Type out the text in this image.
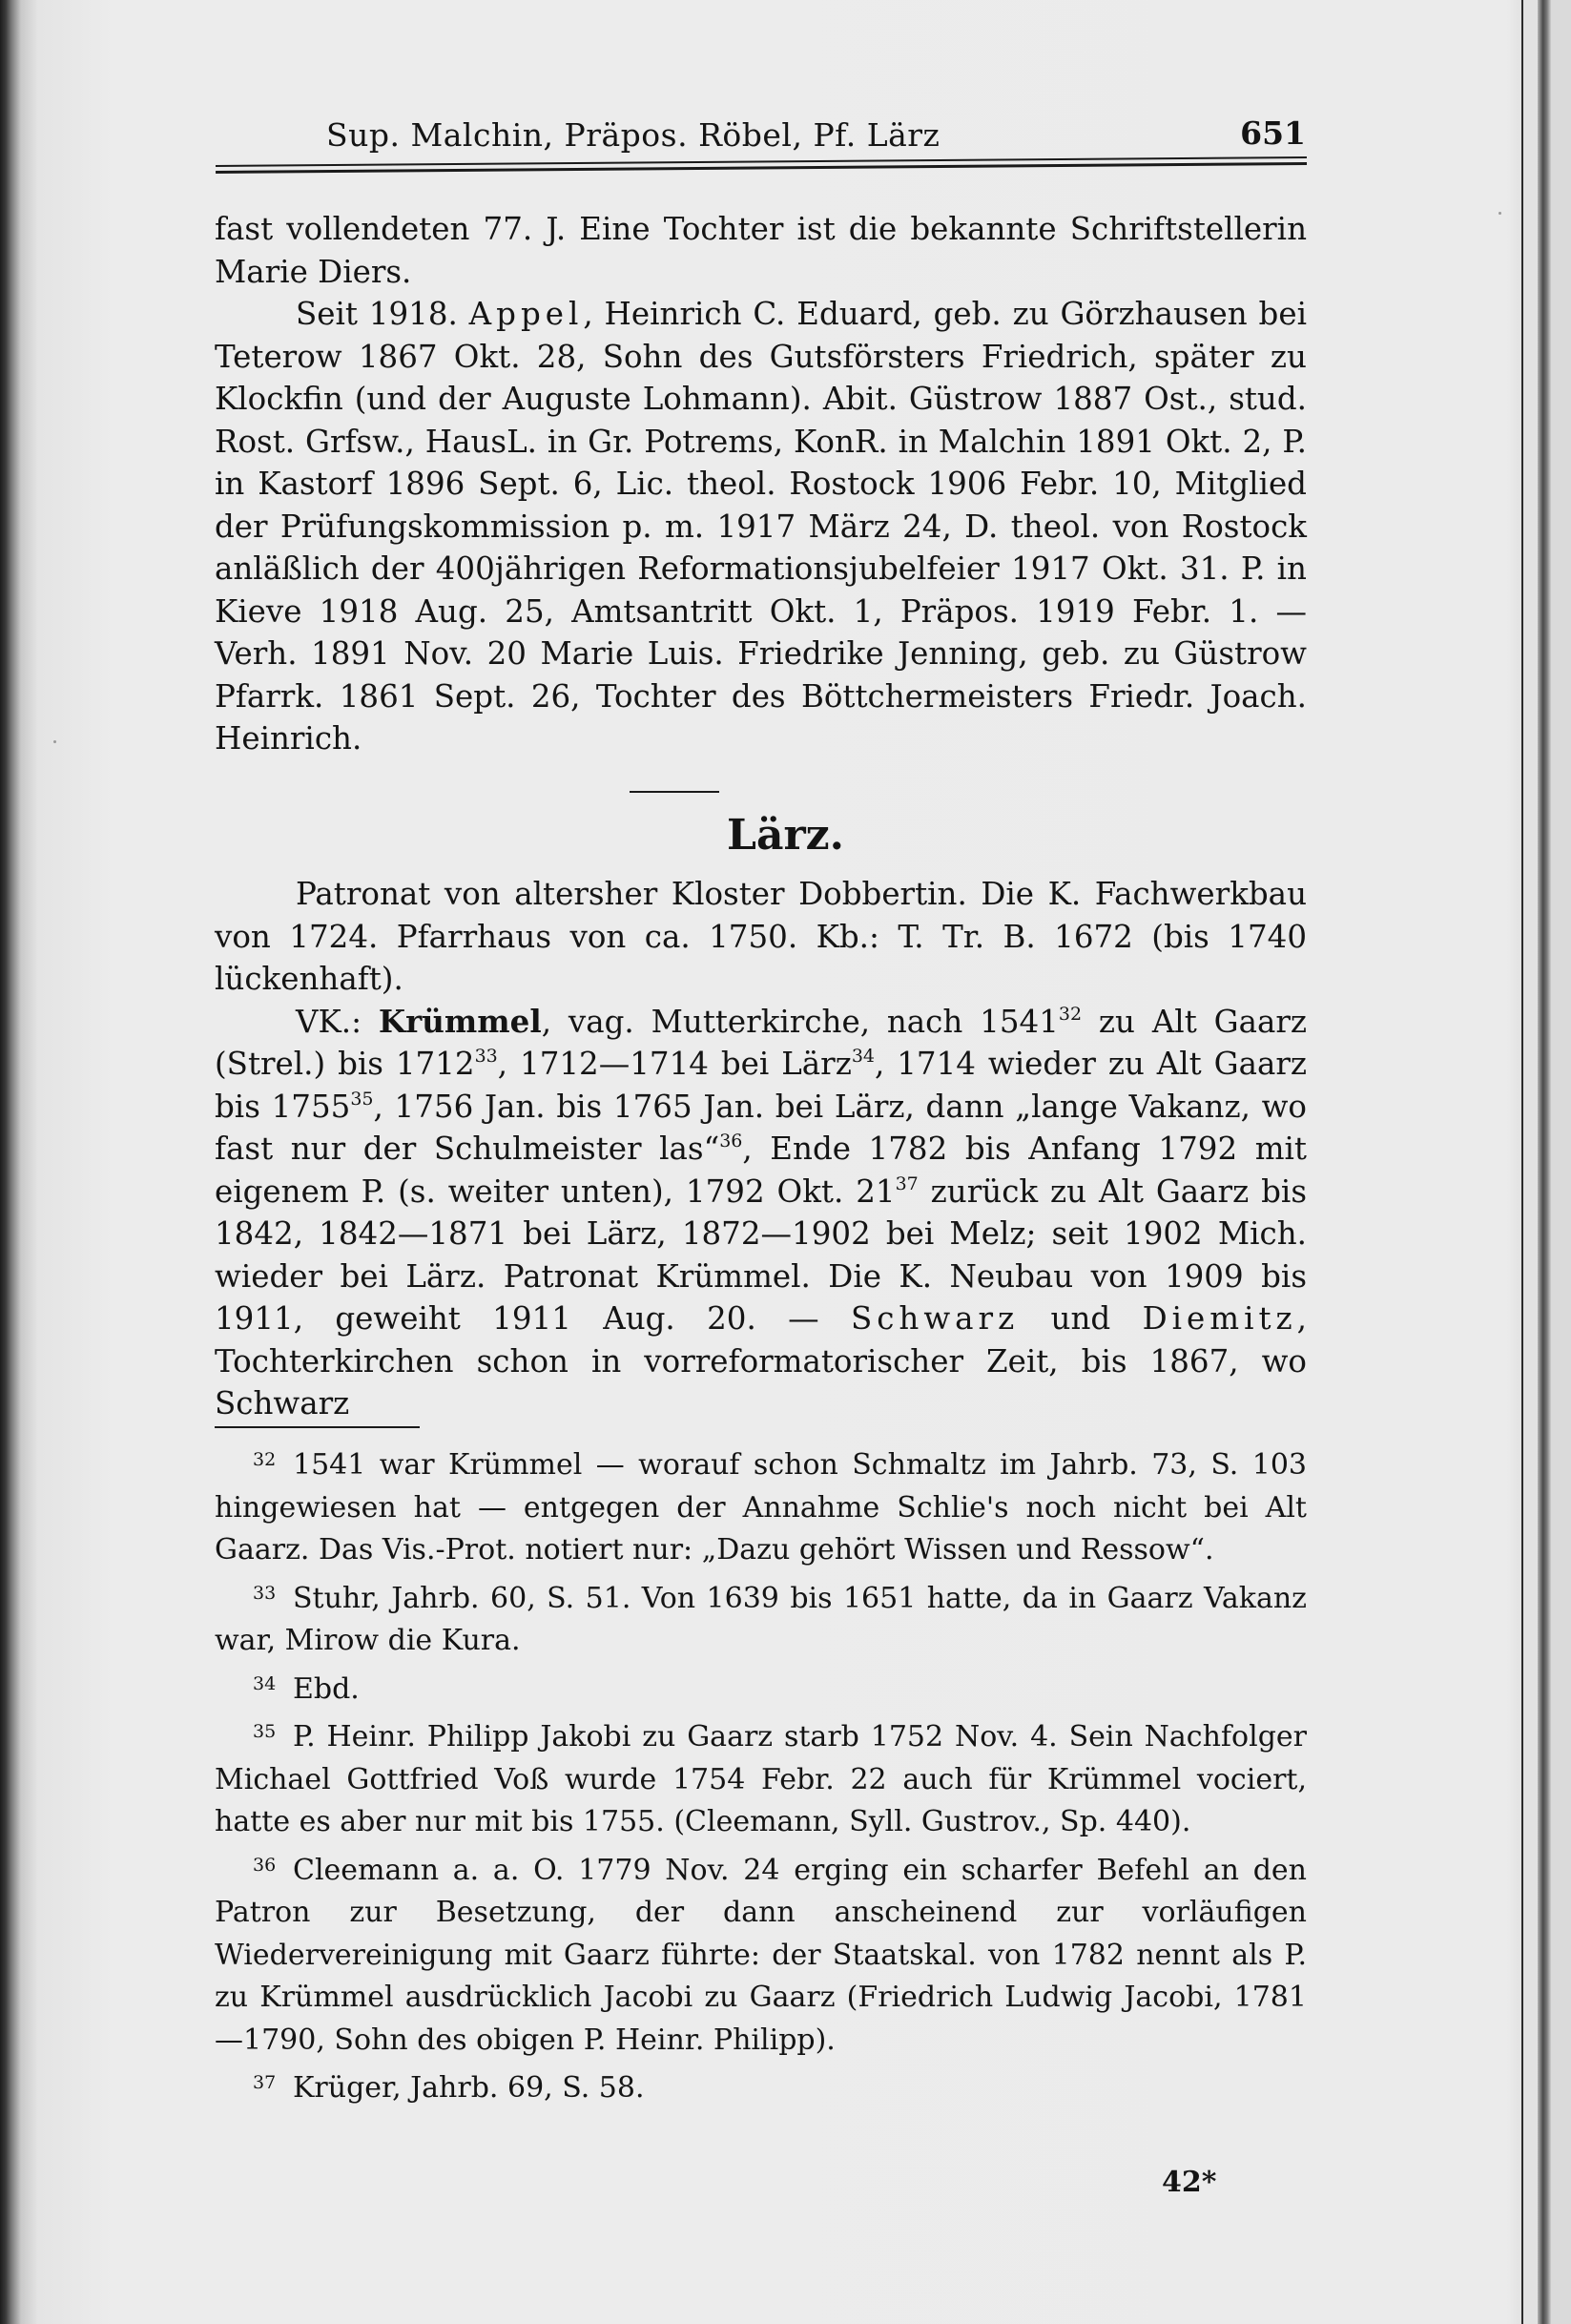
Sup. Malchin, Präpos. Röbel, Pf. Lärz	651

fast vollendeten 77. J. Eine Tochter ist die bekannte Schriftstellerin Marie Diers.

Seit 1918. Appel, Heinrich C. Eduard, geb. zu Görzhausen bei Teterow 1867 Okt. 28, Sohn des Gutsförsters Friedrich, später zu Klockfin (und der Auguste Lohmann). Abit. Güstrow 1887 Ost., stud. Rost. Grfsw., HausL. in Gr. Potrems, KonR. in Malchin 1891 Okt. 2, P. in Kastorf 1896 Sept. 6, Lic. theol. Rostock 1906 Febr. 10, Mitglied der Prüfungskommission p. m. 1917 März 24, D. theol. von Rostock anläßlich der 400jährigen Reformationsjubelfeier 1917 Okt. 31. P. in Kieve 1918 Aug. 25, Amtsantritt Okt. 1, Präpos. 1919 Febr. 1. — Verh. 1891 Nov. 20 Marie Luis. Friedrike Jenning, geb. zu Güstrow Pfarrk. 1861 Sept. 26, Tochter des Böttchermeisters Friedr. Joach. Heinrich.

Lärz.

Patronat von altersher Kloster Dobbertin. Die K. Fachwerkbau von 1724. Pfarrhaus von ca. 1750. Kb.: T. Tr. B. 1672 (bis 1740 lückenhaft).

VK.: Krümmel, vag. Mutterkirche, nach 1541$^{32}$ zu Alt Gaarz (Strel.) bis 1712$^{33}$, 1712—1714 bei Lärz$^{34}$, 1714 wieder zu Alt Gaarz bis 1755$^{35}$, 1756 Jan. bis 1765 Jan. bei Lärz, dann „lange Vakanz, wo fast nur der Schulmeister las“$^{36}$, Ende 1782 bis Anfang 1792 mit eigenem P. (s. weiter unten), 1792 Okt. $21^{37}$ zurück zu Alt Gaarz bis 1842, 1842—1871 bei Lärz, 1872—1902 bei Melz; seit 1902 Mich. wieder bei Lärz. Patronat Krümmel. Die K. Neubau von 1909 bis 1911, geweiht 1911 Aug. 20. — Schwarz und Diemitz, Tochterkirchen schon in vorreformatorischer Zeit, bis 1867, wo Schwarz

32 1541 war Krümmel — worauf schon Schmaltz im Jahrb. 73, S. 103 hingewiesen hat — entgegen der Annahme Schlie's noch nicht bei Alt Gaarz. Das Vis.-Prot. notiert nur: „Dazu gehört Wissen und Ressow“.

33 Stuhr, Jahrb. 60, S. 51. Von 1639 bis 1651 hatte, da in Gaarz Vakanz war, Mirow die Kura.

34 Ebd.

35 P. Heinr. Philipp Jakobi zu Gaarz starb 1752 Nov. 4. Sein Nachfolger Michael Gottfried Voß wurde 1754 Febr. 22 auch für Krümmel vociert, hatte es aber nur mit bis 1755. (Cleemann, Syll. Gustrov., Sp. 440).

36 Cleemann a. a. O. 1779 Nov. 24 erging ein scharfer Befehl an den Patron zur Besetzung, der dann anscheinend zur vorläufigen Wiedervereinigung mit Gaarz führte: der Staatskal. von 1782 nennt als P. zu Krümmel ausdrücklich Jacobi zu Gaarz (Friedrich Ludwig Jacobi, 1781—1790, Sohn des obigen P. Heinr. Philipp).

37 Krüger, Jahrb. 69, S. 58.

42*
